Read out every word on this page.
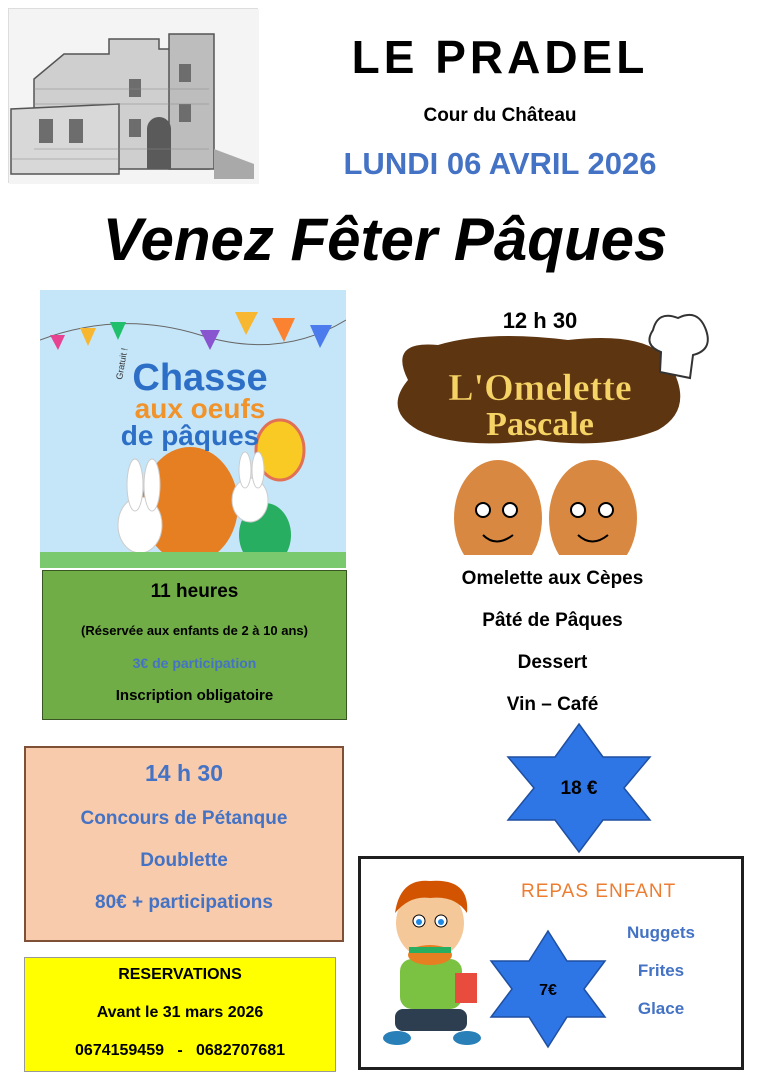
LE PRADEL
Cour du Château
LUNDI 06 AVRIL 2026
Venez Fêter Pâques
Chasse
aux oeufs
de pâques
Gratuit !
11 heures
(Réservée aux enfants de 2 à 10 ans)
3€ de participation
Inscription obligatoire
L'Omelette
Pascale
12 h 30
Omelette aux Cèpes
Pâté de Pâques
Dessert
Vin – Café
18 €
14 h 30
Concours de Pétanque
Doublette
80€ + participations
RESERVATIONS
Avant le 31 mars 2026
0674159459   -   0682707681
REPAS ENFANT
Nuggets
Frites
Glace
7€
